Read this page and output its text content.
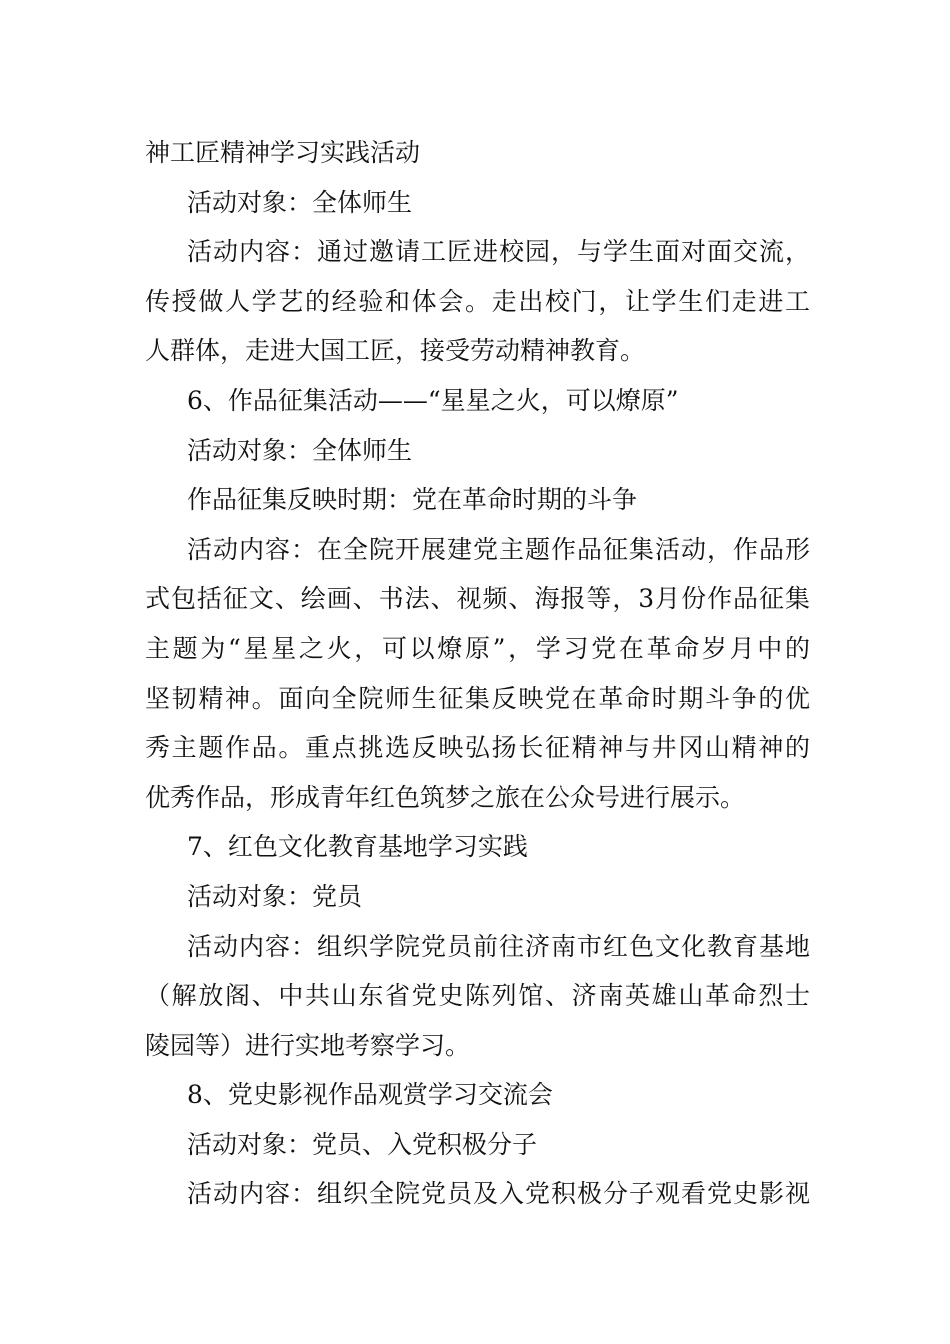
神工匠精神学习实践活动
活动对象：全体师生
活动内容：通过邀请工匠进校园，与学生面对面交流，
传授做人学艺的经验和体会。走出校门，让学生们走进工
人群体，走进大国工匠，接受劳动精神教育。
6、作品征集活动——“星星之火，可以燎原”
活动对象：全体师生
作品征集反映时期：党在革命时期的斗争
活动内容：在全院开展建党主题作品征集活动，作品形
式包括征文、绘画、书法、视频、海报等，3月份作品征集
主题为“星星之火，可以燎原”，学习党在革命岁月中的
坚韧精神。面向全院师生征集反映党在革命时期斗争的优
秀主题作品。重点挑选反映弘扬长征精神与井冈山精神的
优秀作品，形成青年红色筑梦之旅在公众号进行展示。
7、红色文化教育基地学习实践
活动对象：党员
活动内容：组织学院党员前往济南市红色文化教育基地
（解放阁、中共山东省党史陈列馆、济南英雄山革命烈士
陵园等）进行实地考察学习。
8、党史影视作品观赏学习交流会
活动对象：党员、入党积极分子
活动内容：组织全院党员及入党积极分子观看党史影视
